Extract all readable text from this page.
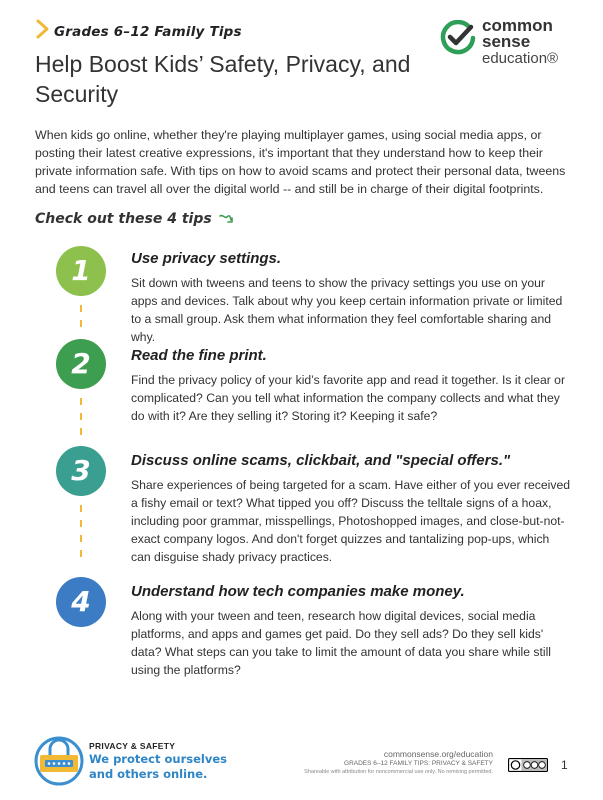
Grades 6–12 Family Tips
Help Boost Kids’ Safety, Privacy, and Security
common
sense
education®

When kids go online, whether they're playing multiplayer games, using social media apps, or posting their latest creative expressions, it's important that they understand how to keep their private information safe. With tips on how to avoid scams and protect their personal data, tweens and teens can travel all over the digital world -- and still be in charge of their digital footprints.

Check out these 4 tips
1	Use privacy settings.

Sit down with tweens and teens to show the privacy settings you use on your apps and devices. Talk about why you keep certain information private or limited to a small group. Ask them what information they feel comfortable sharing and why.

2	Read the fine print.

Find the privacy policy of your kid’s favorite app and read it together. Is it clear or complicated? Can you tell what information the company collects and what they do with it? Are they selling it? Storing it? Keeping it safe?

3	Discuss online scams, clickbait, and "special offers."

Share experiences of being targeted for a scam. Have either of you ever received a fishy email or text? What tipped you off? Discuss the telltale signs of a hoax, including poor grammar, misspellings, Photoshopped images, and close-but-not-exact company logos. And don't forget quizzes and tantalizing pop-ups, which can disguise shady privacy practices.

4	Understand how tech companies make money.

Along with your tween and teen, research how digital devices, social media platforms, and apps and games get paid. Do they sell ads? Do they sell kids' data? What steps can you take to limit the amount of data you share while still using the platforms?

PRIVACY & SAFETY
We protect ourselves and others online.
commonsense.org/education
GRADES 6–12 FAMILY TIPS: PRIVACY & SAFETY
Shareable with attribution for noncommercial use only. No remixing permitted.	1
